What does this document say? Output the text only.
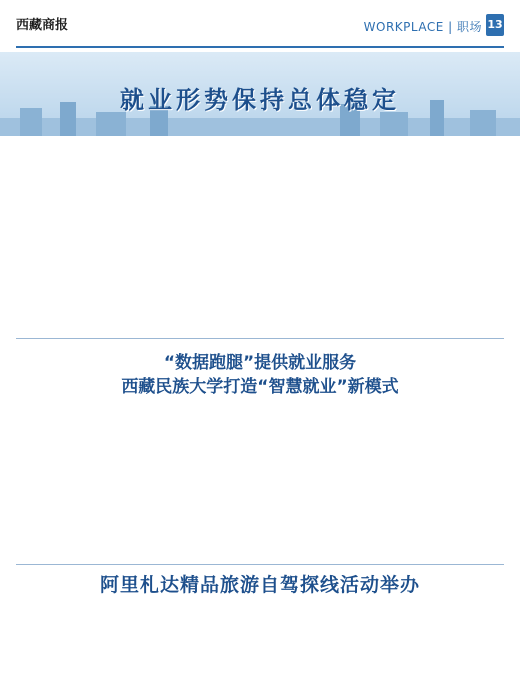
西藏商报	WORKPLACE | 职场 13
就业形势保持总体稳定
“数据跑腿”提供就业服务
西藏民族大学打造“智慧就业”新模式
阿里札达精品旅游自驾探线活动举办
